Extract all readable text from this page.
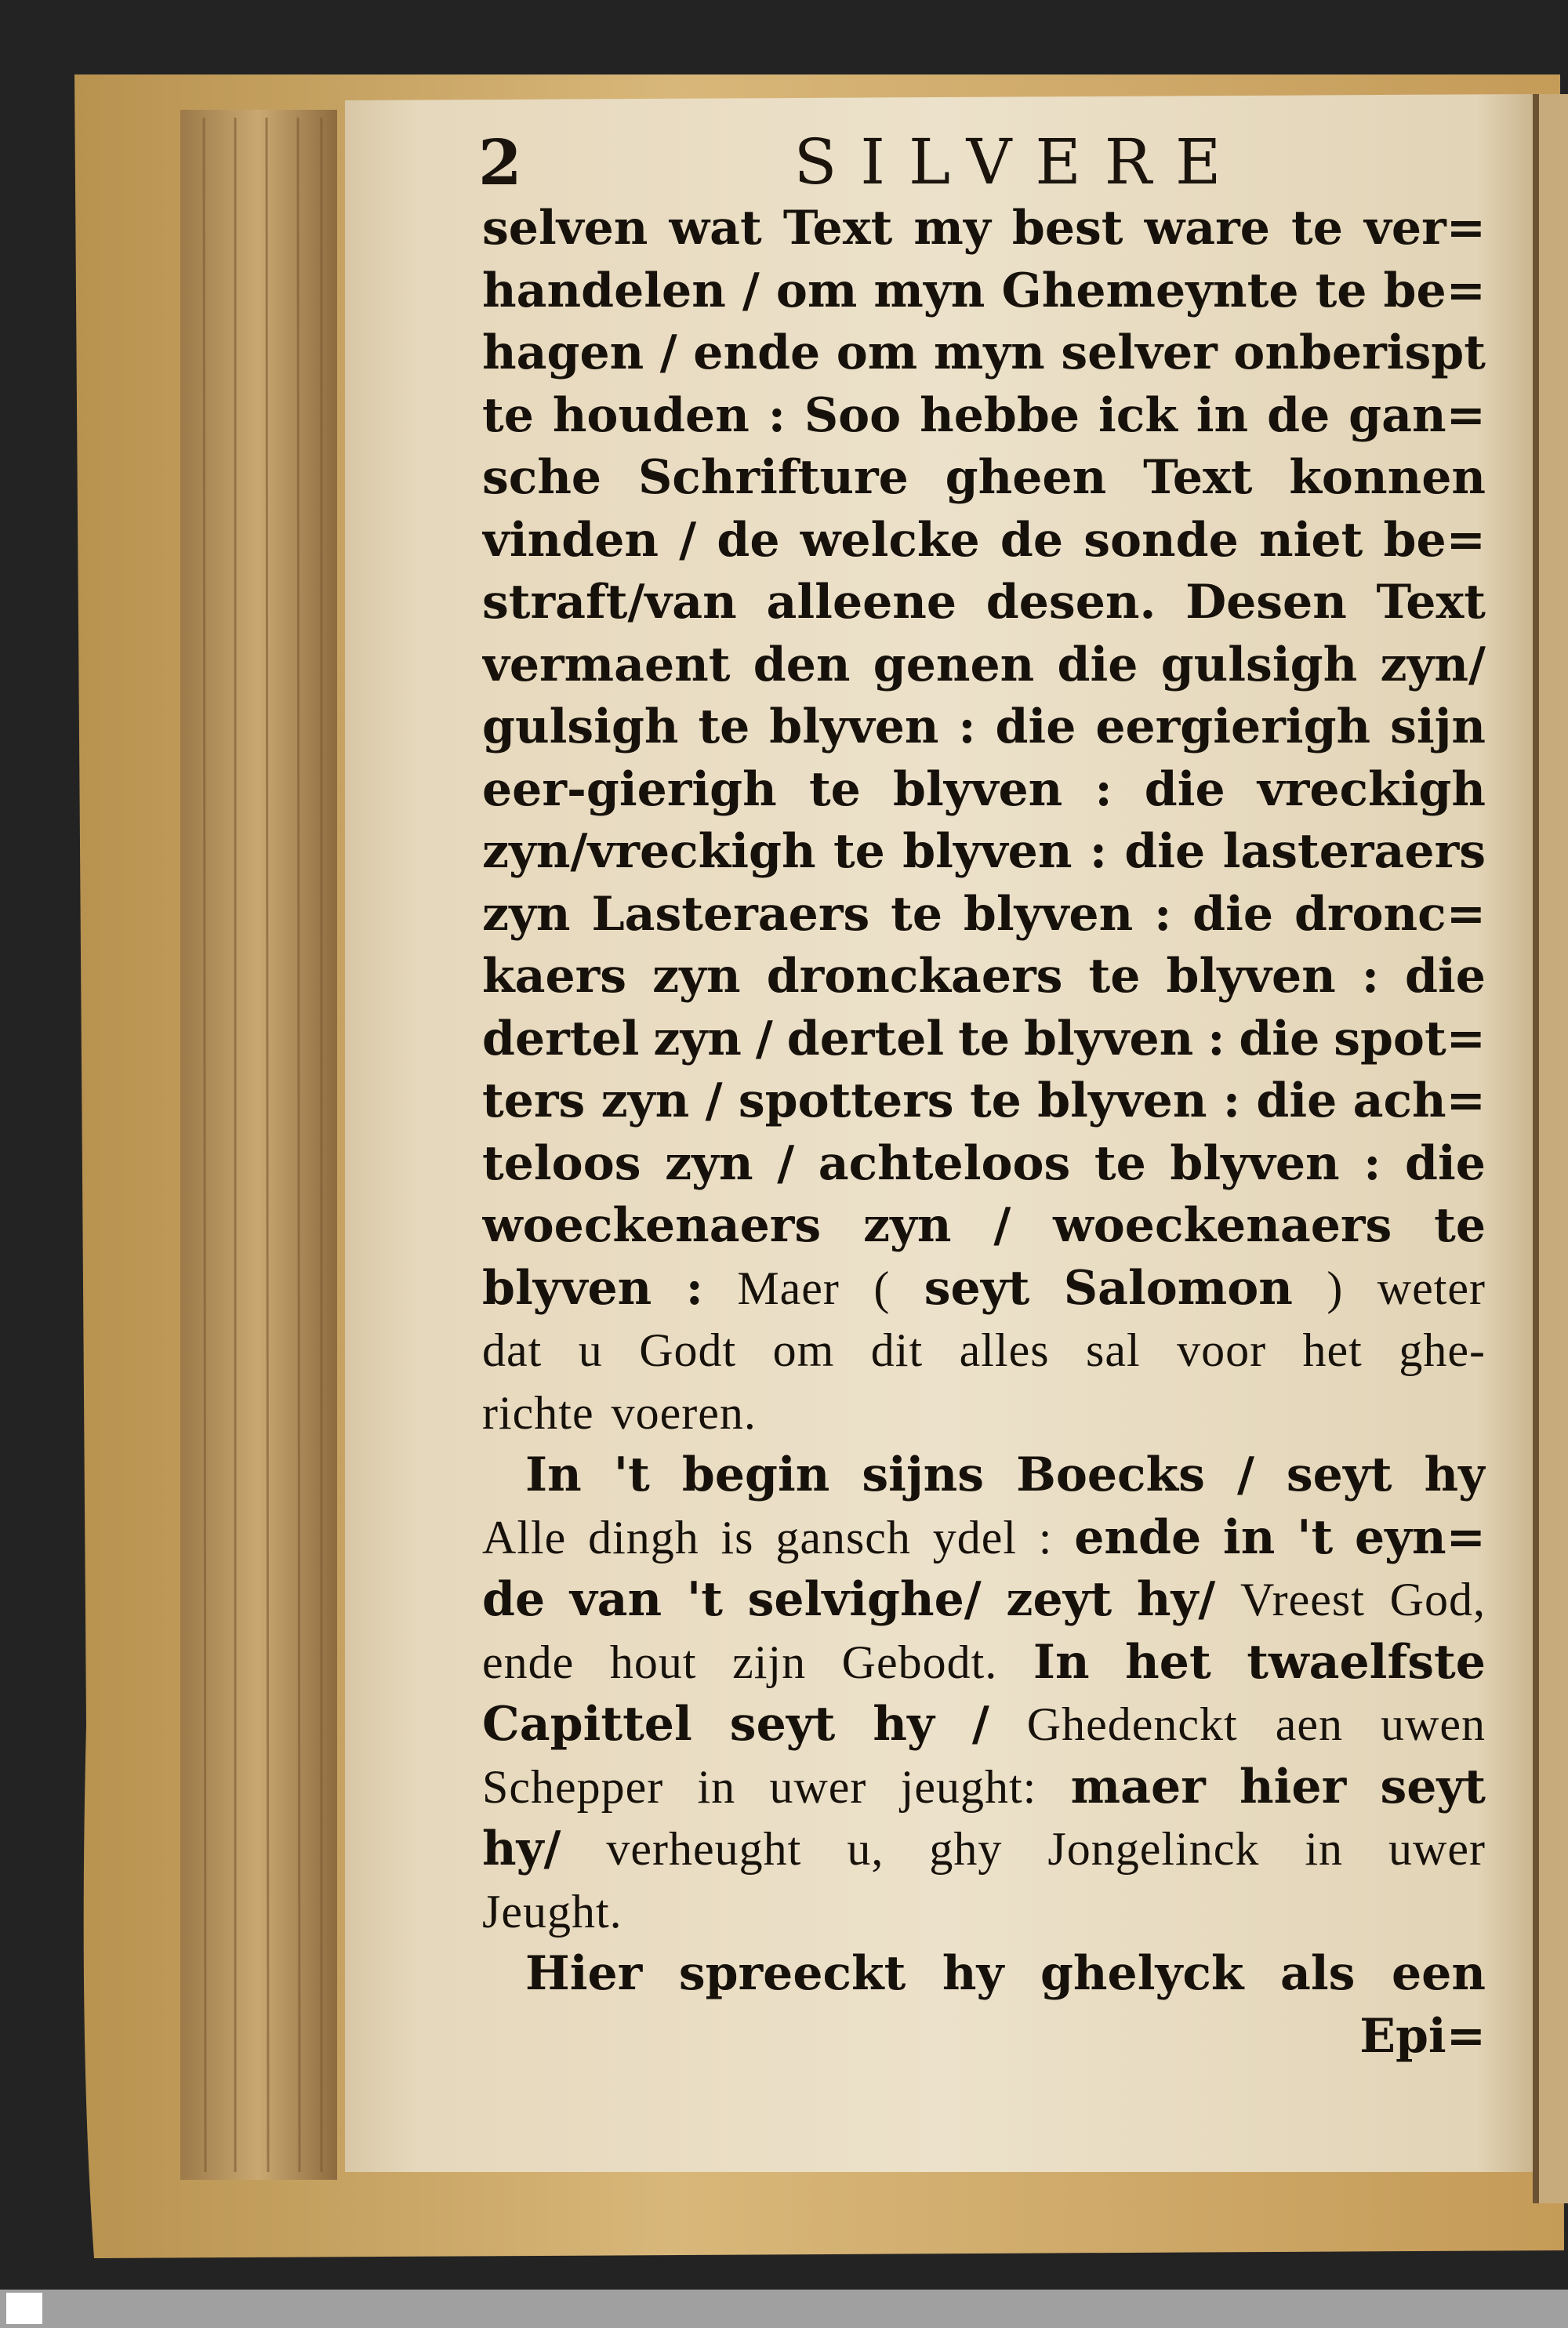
2	SILVERE
selven wat Text my best ware te ver=
handelen / om myn Ghemeynte te be=
hagen / ende om myn selver onberispt
te houden : Soo hebbe ick in de gan=
sche Schrifture gheen Text konnen
vinden / de welcke de sonde niet be=
straft/van alleene desen. Desen Text
vermaent den genen die gulsigh zyn/
gulsigh te blyven : die eergierigh sijn
eer-gierigh te blyven : die vreckigh
zyn/vreckigh te blyven : die lasteraers
zyn Lasteraers te blyven : die dronc=
kaers zyn dronckaers te blyven : die
dertel zyn / dertel te blyven : die spot=
ters zyn / spotters te blyven : die ach=
teloos zyn / achteloos te blyven : die
woeckenaers zyn / woeckenaers te
blyven : Maer ( seyt Salomon ) weter
dat u Godt om dit alles sal voor het ghe-
richte voeren.
In 't begin sijns Boecks / seyt hy
Alle dingh is gansch ydel : ende in 't eyn=
de van 't selvighe/ zeyt hy/ Vreest God,
ende hout zijn Gebodt. In het twaelfste
Capittel seyt hy / Ghedenckt aen uwen
Schepper in uwer jeught: maer hier seyt
hy/ verheught u, ghy Jongelinck in uwer
Jeught.
Hier spreeckt hy ghelyck als een
Epi=
